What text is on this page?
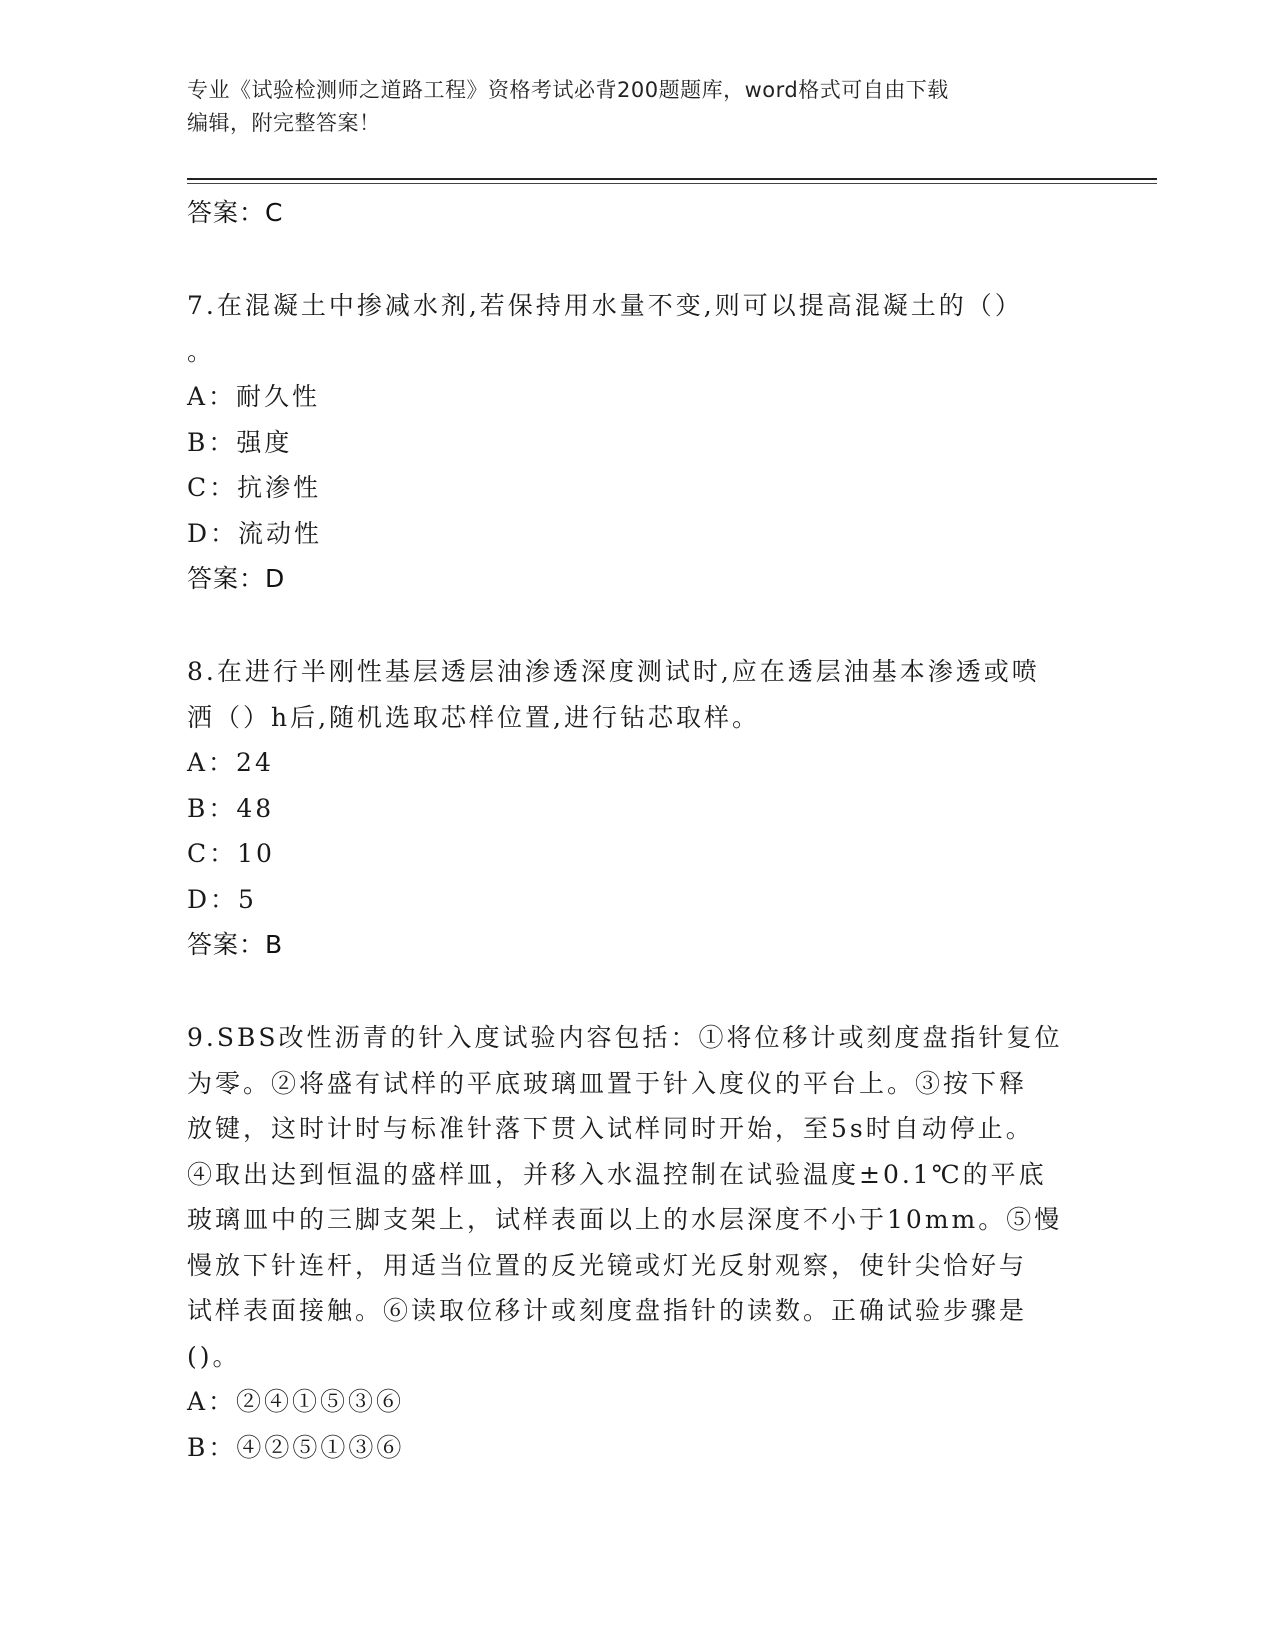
专业《试验检测师之道路工程》资格考试必背200题题库，word格式可自由下载
编辑，附完整答案！
答案：C
7.在混凝土中掺减水剂,若保持用水量不变,则可以提高混凝土的（）
。
A：耐久性
B：强度
C：抗渗性
D：流动性
答案：D
8.在进行半刚性基层透层油渗透深度测试时,应在透层油基本渗透或喷
洒（）h后,随机选取芯样位置,进行钻芯取样。
A：24
B：48
C：10
D：5
答案：B
9.SBS改性沥青的针入度试验内容包括：①将位移计或刻度盘指针复位
为零。②将盛有试样的平底玻璃皿置于针入度仪的平台上。③按下释
放键，这时计时与标准针落下贯入试样同时开始，至5s时自动停止。
④取出达到恒温的盛样皿，并移入水温控制在试验温度±0.1℃的平底
玻璃皿中的三脚支架上，试样表面以上的水层深度不小于10mm。⑤慢
慢放下针连杆，用适当位置的反光镜或灯光反射观察，使针尖恰好与
试样表面接触。⑥读取位移计或刻度盘指针的读数。正确试验步骤是
()。
A：②④①⑤③⑥
B：④②⑤①③⑥
